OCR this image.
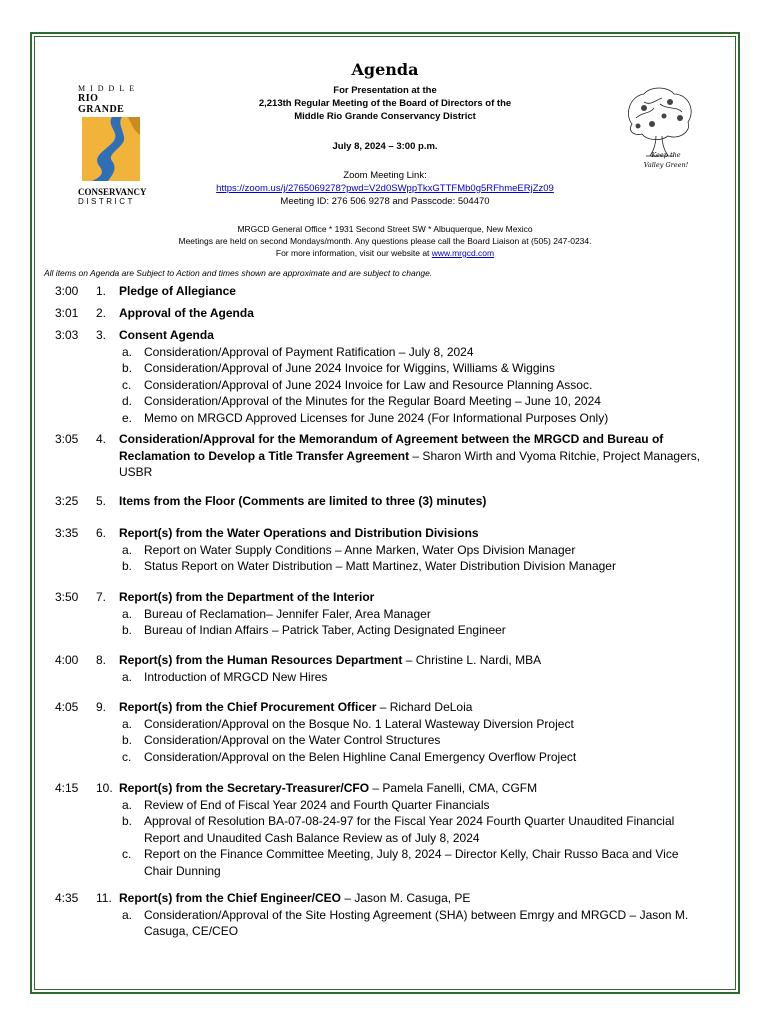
MIDDLE
RIO GRANDE
CONSERVANCY
DISTRICT
Keep the
Valley Green!
Agenda
For Presentation at the
2,213th Regular Meeting of the Board of Directors of the
Middle Rio Grande Conservancy District
July 8, 2024 – 3:00 p.m.
Zoom Meeting Link:
https://zoom.us/j/2765069278?pwd=V2d0SWppTkxGTTFMb0g5RFhmeERjZz09
Meeting ID: 276 506 9278 and Passcode: 504470
MRGCD General Office * 1931 Second Street SW * Albuquerque, New Mexico
Meetings are held on second Mondays/month. Any questions please call the Board Liaison at (505) 247-0234.
For more information, visit our website at www.mrgcd.com
All items on Agenda are Subject to Action and times shown are approximate and are subject to change.
3:00 1. Pledge of Allegiance
3:01 2. Approval of the Agenda
3:03 3. Consent Agenda
a. Consideration/Approval of Payment Ratification – July 8, 2024
b. Consideration/Approval of June 2024 Invoice for Wiggins, Williams & Wiggins
c. Consideration/Approval of June 2024 Invoice for Law and Resource Planning Assoc.
d. Consideration/Approval of the Minutes for the Regular Board Meeting – June 10, 2024
e. Memo on MRGCD Approved Licenses for June 2024 (For Informational Purposes Only)
3:05 4. Consideration/Approval for the Memorandum of Agreement between the MRGCD and Bureau of Reclamation to Develop a Title Transfer Agreement – Sharon Wirth and Vyoma Ritchie, Project Managers, USBR
3:25 5. Items from the Floor (Comments are limited to three (3) minutes)
3:35 6. Report(s) from the Water Operations and Distribution Divisions
a. Report on Water Supply Conditions – Anne Marken, Water Ops Division Manager
b. Status Report on Water Distribution – Matt Martinez, Water Distribution Division Manager
3:50 7. Report(s) from the Department of the Interior
a. Bureau of Reclamation– Jennifer Faler, Area Manager
b. Bureau of Indian Affairs – Patrick Taber, Acting Designated Engineer
4:00 8. Report(s) from the Human Resources Department – Christine L. Nardi, MBA
a. Introduction of MRGCD New Hires
4:05 9. Report(s) from the Chief Procurement Officer – Richard DeLoia
a. Consideration/Approval on the Bosque No. 1 Lateral Wasteway Diversion Project
b. Consideration/Approval on the Water Control Structures
c. Consideration/Approval on the Belen Highline Canal Emergency Overflow Project
4:15 10. Report(s) from the Secretary-Treasurer/CFO – Pamela Fanelli, CMA, CGFM
a. Review of End of Fiscal Year 2024 and Fourth Quarter Financials
b. Approval of Resolution BA-07-08-24-97 for the Fiscal Year 2024 Fourth Quarter Unaudited Financial Report and Unaudited Cash Balance Review as of July 8, 2024
c. Report on the Finance Committee Meeting, July 8, 2024 – Director Kelly, Chair Russo Baca and Vice Chair Dunning
4:35 11. Report(s) from the Chief Engineer/CEO – Jason M. Casuga, PE
a. Consideration/Approval of the Site Hosting Agreement (SHA) between Emrgy and MRGCD – Jason M. Casuga, CE/CEO
